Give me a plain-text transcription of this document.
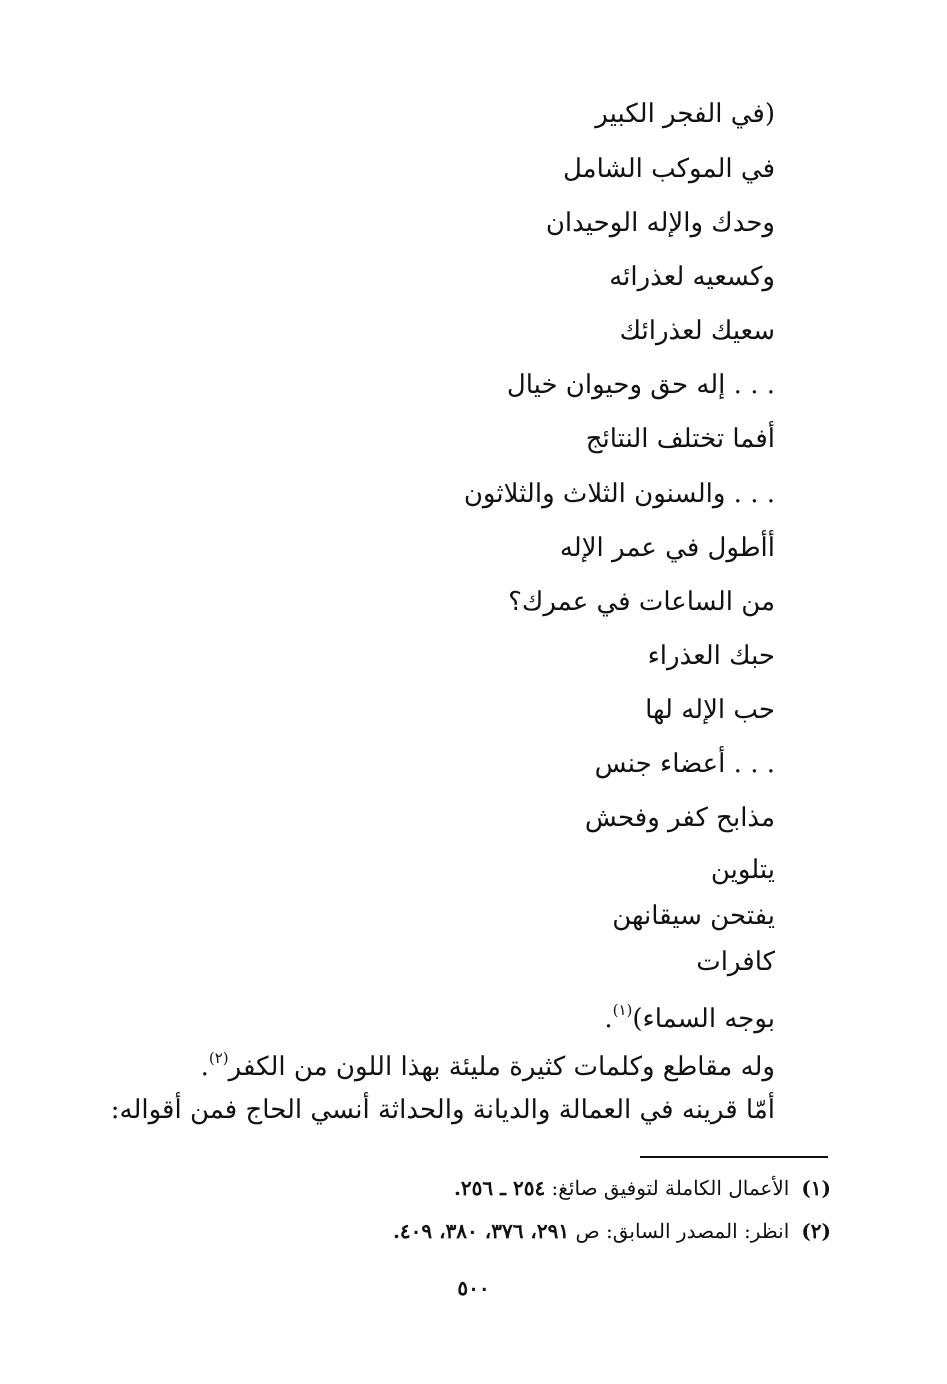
(في الفجر الكبير
في الموكب الشامل
وحدك والإله الوحيدان
وكسعيه لعذرائه
سعيك لعذرائك
. . . إله حق وحيوان خيال
أفما تختلف النتائج
. . . والسنون الثلاث والثلاثون
أأطول في عمر الإله
من الساعات في عمرك؟
حبك العذراء
حب الإله لها
. . . أعضاء جنس
مذابح كفر وفحش
يتلوين
يفتحن سيقانهن
كافرات
بوجه السماء)$^{(١)}$.
وله مقاطع وكلمات كثيرة مليئة بهذا اللون من الكفر$^{(٢)}$.
أمّا قرينه في العمالة والديانة والحداثة أنسي الحاج فمن أقواله:
(١)الأعمال الكاملة لتوفيق صائغ: ٢٥٤ ـ ٢٥٦.
(٢)انظر: المصدر السابق: ص ٢٩١، ٣٧٦، ٣٨٠، ٤٠٩.
٥٠٠
